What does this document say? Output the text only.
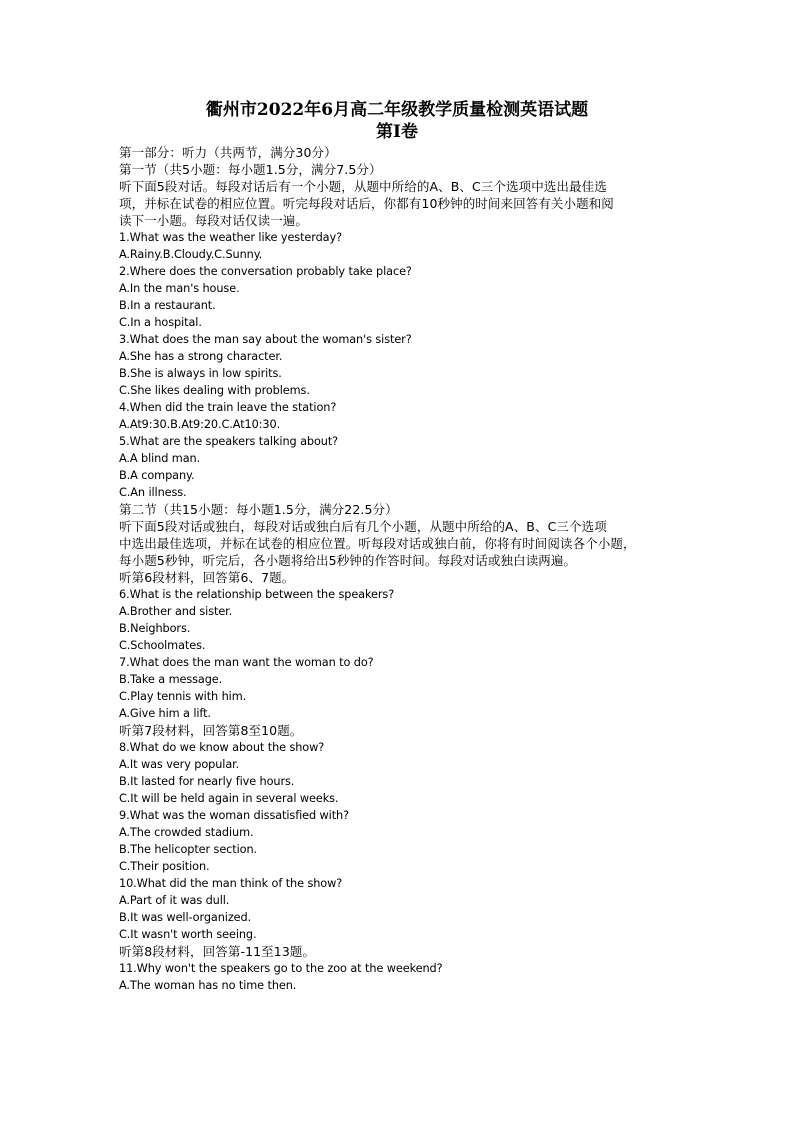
衢州市2022年6月高二年级教学质量检测英语试题
第I卷
第一部分：听力（共两节，满分30分）
第一节（共5小题：每小题1.5分，满分7.5分）
听下面5段对话。每段对话后有一个小题，从题中所给的A、B、C三个选项中选出最佳选
项，并标在试卷的相应位置。听完每段对话后，你都有10秒钟的时间来回答有关小题和阅
读下一小题。每段对话仅读一遍。
1.What was the weather like yesterday?
A.Rainy.B.Cloudy.C.Sunny.
2.Where does the conversation probably take place?
A.In the man's house.
B.In a restaurant.
C.In a hospital.
3.What does the man say about the woman's sister?
A.She has a strong character.
B.She is always in low spirits.
C.She likes dealing with problems.
4.When did the train leave the station?
A.At9:30.B.At9:20.C.At10:30.
5.What are the speakers talking about?
A.A blind man.
B.A company.
C.An illness.
第二节（共15小题：每小题1.5分，满分22.5分）
听下面5段对话或独白，每段对话或独白后有几个小题，从题中所给的A、B、C三个选项
中选出最佳选项，并标在试卷的相应位置。听每段对话或独白前，你将有时间阅读各个小题，
每小题5秒钟，听完后，各小题将给出5秒钟的作答时间。每段对话或独白读两遍。
听第6段材料，回答第6、7题。
6.What is the relationship between the speakers?
A.Brother and sister.
B.Neighbors.
C.Schoolmates.
7.What does the man want the woman to do?
B.Take a message.
C.Play tennis with him.
A.Give him a lift.
听第7段材料，回答第8至10题。
8.What do we know about the show?
A.It was very popular.
B.It lasted for nearly five hours.
C.It will be held again in several weeks.
9.What was the woman dissatisfied with?
A.The crowded stadium.
B.The helicopter section.
C.Their position.
10.What did the man think of the show?
A.Part of it was dull.
B.It was well-organized.
C.It wasn't worth seeing.
听第8段材料，回答第-11至13题。
11.Why won't the speakers go to the zoo at the weekend?
A.The woman has no time then.
